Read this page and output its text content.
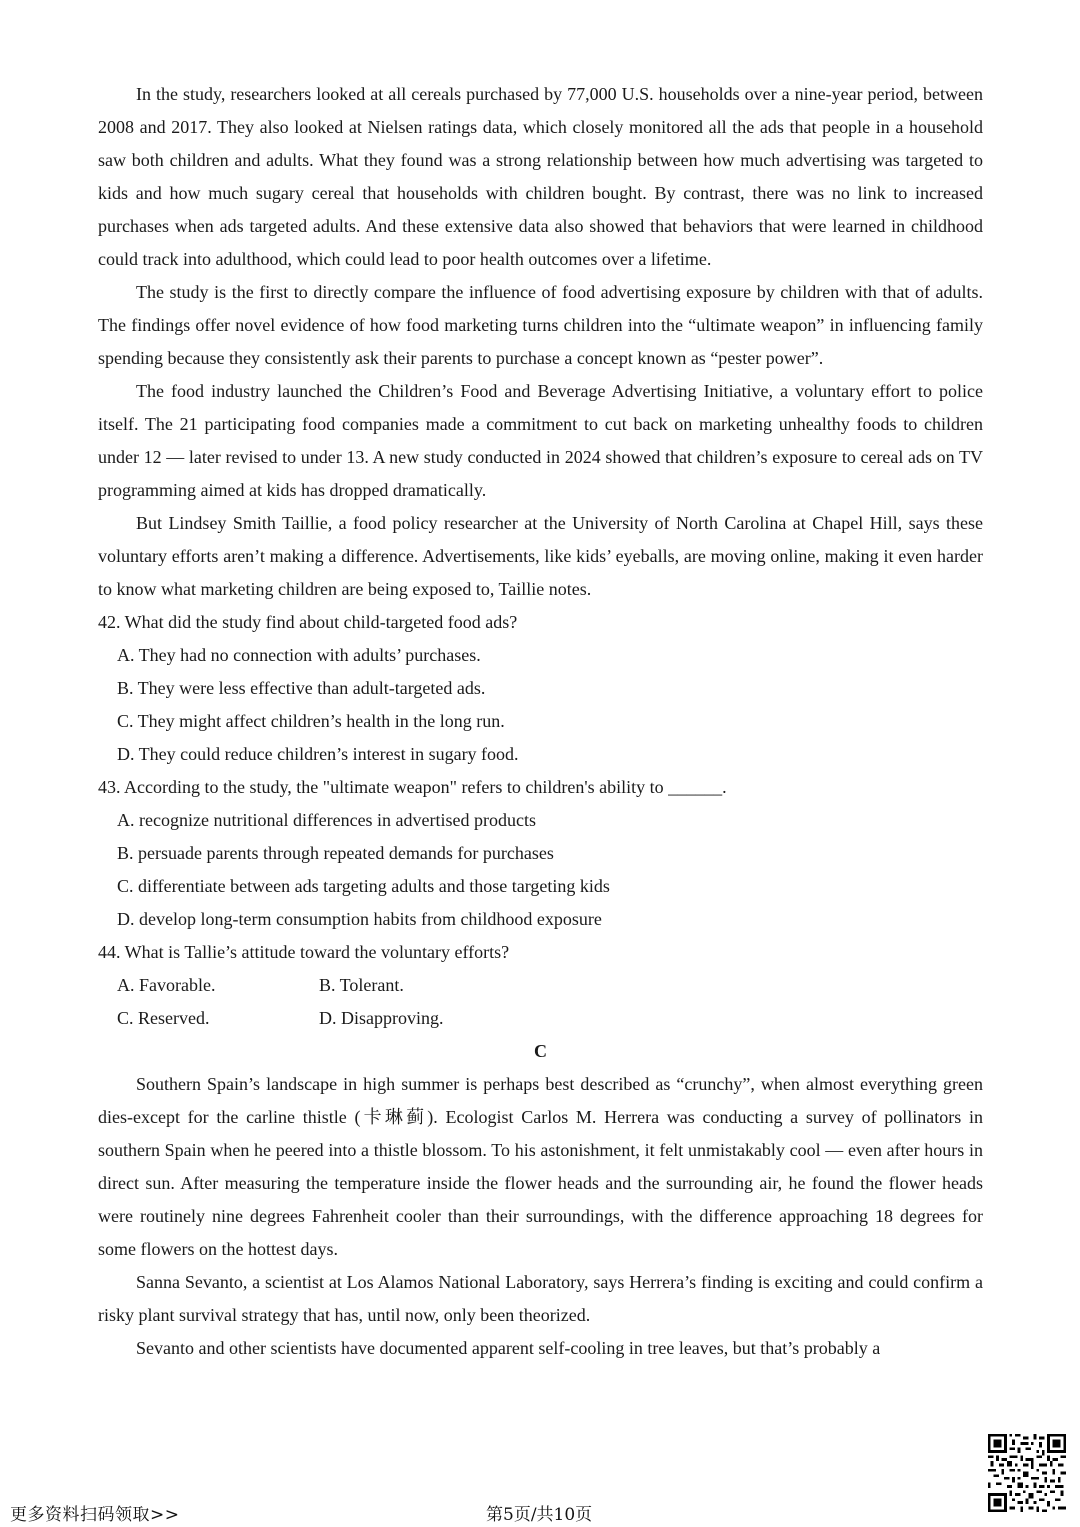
In the study, researchers looked at all cereals purchased by 77,000 U.S. households over a nine-year period, between 2008 and 2017. They also looked at Nielsen ratings data, which closely monitored all the ads that people in a household saw both children and adults. What they found was a strong relationship between how much advertising was targeted to kids and how much sugary cereal that households with children bought. By contrast, there was no link to increased purchases when ads targeted adults. And these extensive data also showed that behaviors that were learned in childhood could track into adulthood, which could lead to poor health outcomes over a lifetime.

The study is the first to directly compare the influence of food advertising exposure by children with that of adults. The findings offer novel evidence of how food marketing turns children into the “ultimate weapon” in influencing family spending because they consistently ask their parents to purchase a concept known as “pester power”.

The food industry launched the Children’s Food and Beverage Advertising Initiative, a voluntary effort to police itself. The 21 participating food companies made a commitment to cut back on marketing unhealthy foods to children under 12 — later revised to under 13. A new study conducted in 2024 showed that children’s exposure to cereal ads on TV programming aimed at kids has dropped dramatically.

But Lindsey Smith Taillie, a food policy researcher at the University of North Carolina at Chapel Hill, says these voluntary efforts aren’t making a difference. Advertisements, like kids’ eyeballs, are moving online, making it even harder to know what marketing children are being exposed to, Taillie notes.

42. What did the study find about child-targeted food ads?

A. They had no connection with adults’ purchases.

B. They were less effective than adult-targeted ads.

C. They might affect children’s health in the long run.

D. They could reduce children’s interest in sugary food.

43. According to the study, the "ultimate weapon" refers to children's ability to ______.

A. recognize nutritional differences in advertised products

B. persuade parents through repeated demands for purchases

C. differentiate between ads targeting adults and those targeting kids

D. develop long-term consumption habits from childhood exposure

44. What is Tallie’s attitude toward the voluntary efforts?

A. Favorable.	B. Tolerant.
C. Reserved.	D. Disapproving.

C

Southern Spain’s landscape in high summer is perhaps best described as “crunchy”, when almost everything green dies-except for the carline thistle (卡琳蓟). Ecologist Carlos M. Herrera was conducting a survey of pollinators in southern Spain when he peered into a thistle blossom. To his astonishment, it felt unmistakably cool — even after hours in direct sun. After measuring the temperature inside the flower heads and the surrounding air, he found the flower heads were routinely nine degrees Fahrenheit cooler than their surroundings, with the difference approaching 18 degrees for some flowers on the hottest days.

Sanna Sevanto, a scientist at Los Alamos National Laboratory, says Herrera’s finding is exciting and could confirm a risky plant survival strategy that has, until now, only been theorized.

Sevanto and other scientists have documented apparent self-cooling in tree leaves, but that’s probably a

更多资料扫码领取>>	第5页/共10页
